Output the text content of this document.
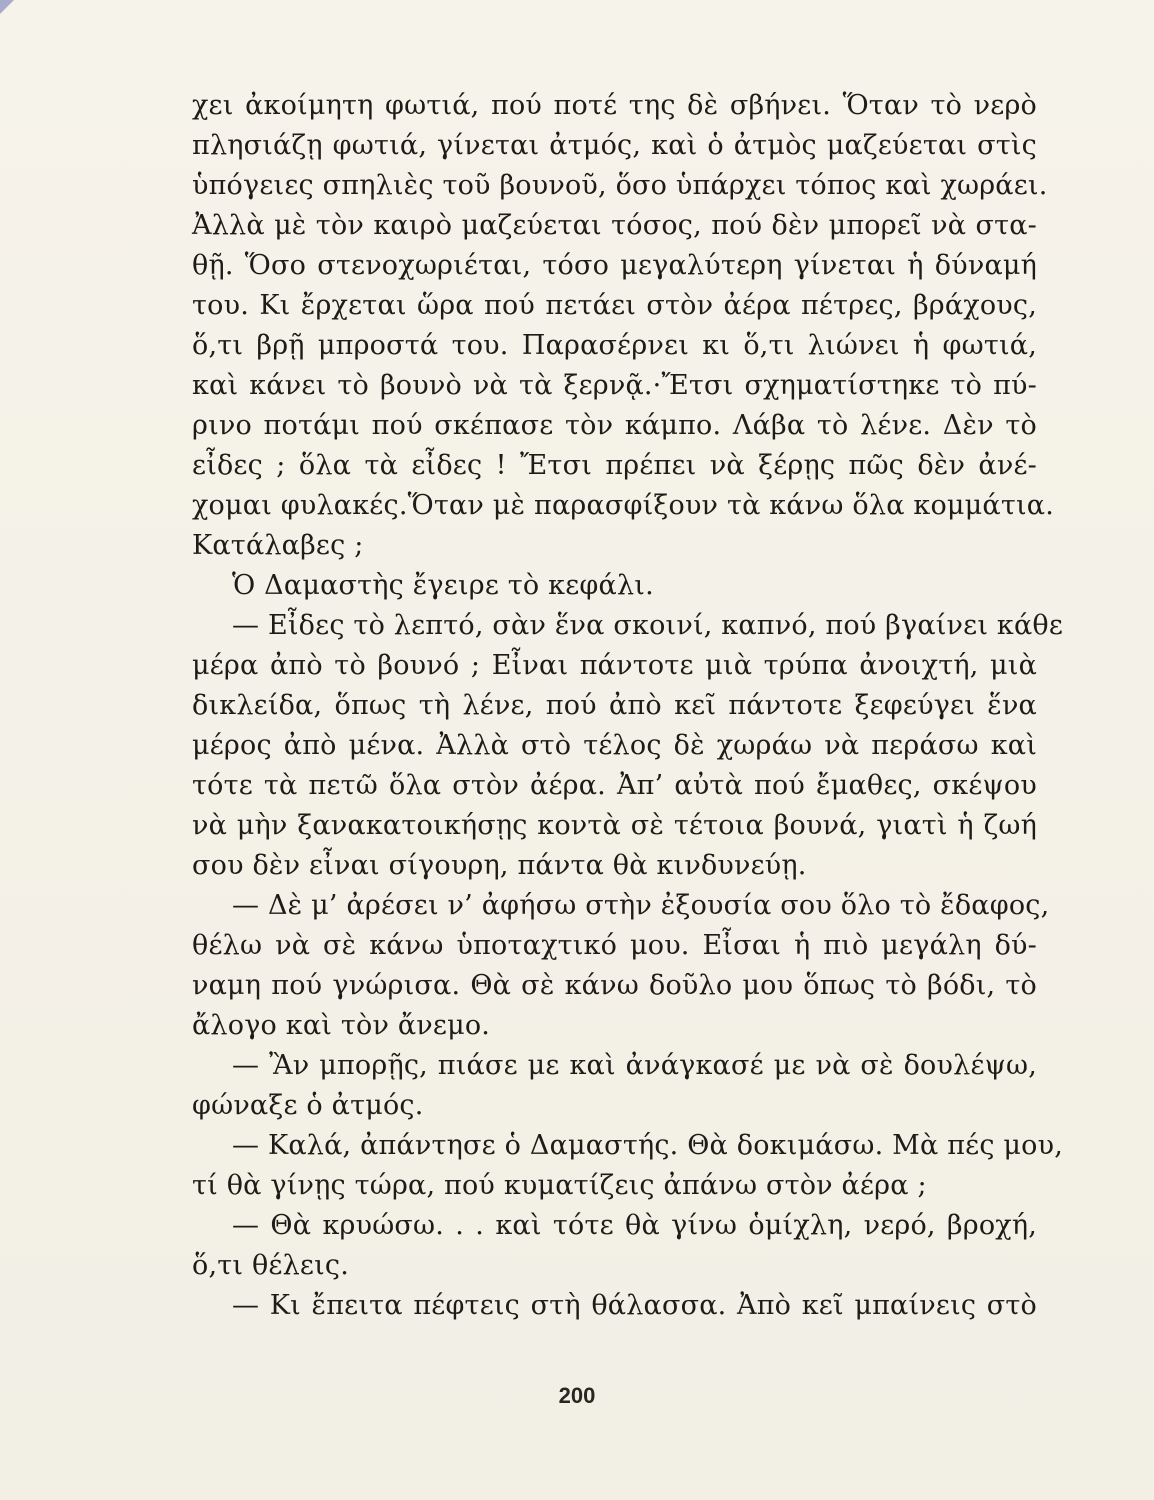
χει ἀκοίμητη φωτιά, πού ποτέ της δὲ σβήνει. Ὅταν τὸ νερὸ
πλησιάζῃ φωτιά, γίνεται ἀτμός, καὶ ὁ ἀτμὸς μαζεύεται στὶς
ὑπόγειες σπηλιὲς τοῦ βουνοῦ, ὅσο ὑπάρχει τόπος καὶ χωράει.
Ἀλλὰ μὲ τὸν καιρὸ μαζεύεται τόσος, πού δὲν μπορεῖ νὰ στα-
θῇ. Ὅσο στενοχωριέται, τόσο μεγαλύτερη γίνεται ἡ δύναμή
του. Κι ἔρχεται ὥρα πού πετάει στὸν ἀέρα πέτρες, βράχους,
ὅ,τι βρῇ μπροστά του. Παρασέρνει κι ὅ,τι λιώνει ἡ φωτιά,
καὶ κάνει τὸ βουνὸ νὰ τὰ ξερνᾷ.·Ἔτσι σχηματίστηκε τὸ πύ-
ρινο ποτάμι πού σκέπασε τὸν κάμπο. Λάβα τὸ λένε. Δὲν τὸ
εἶδες ; ὅλα τὰ εἶδες ! Ἔτσι πρέπει νὰ ξέρῃς πῶς δὲν ἀνέ-
χομαι φυλακές.Ὅταν μὲ παρασφίξουν τὰ κάνω ὅλα κομμάτια.
Κατάλαβες ;
Ὁ Δαμαστὴς ἔγειρε τὸ κεφάλι.
— Εἶδες τὸ λεπτό, σὰν ἕνα σκοινί, καπνό, πού βγαίνει κάθε
μέρα ἀπὸ τὸ βουνό ; Εἶναι πάντοτε μιὰ τρύπα ἀνοιχτή, μιὰ
δικλείδα, ὅπως τὴ λένε, πού ἀπὸ κεῖ πάντοτε ξεφεύγει ἕνα
μέρος ἀπὸ μένα. Ἀλλὰ στὸ τέλος δὲ χωράω νὰ περάσω καὶ
τότε τὰ πετῶ ὅλα στὸν ἀέρα. Ἀπ’ αὐτὰ πού ἔμαθες, σκέψου
νὰ μὴν ξανακατοικήσῃς κοντὰ σὲ τέτοια βουνά, γιατὶ ἡ ζωή
σου δὲν εἶναι σίγουρη, πάντα θὰ κινδυνεύῃ.
— Δὲ μ’ ἀρέσει ν’ ἀφήσω στὴν ἐξουσία σου ὅλο τὸ ἔδαφος,
θέλω νὰ σὲ κάνω ὑποταχτικό μου. Εἶσαι ἡ πιὸ μεγάλη δύ-
ναμη πού γνώρισα. Θὰ σὲ κάνω δοῦλο μου ὅπως τὸ βόδι, τὸ
ἄλογο καὶ τὸν ἄνεμο.
— Ἂν μπορῇς, πιάσε με καὶ ἀνάγκασέ με νὰ σὲ δουλέψω,
φώναξε ὁ ἀτμός.
— Καλά, ἀπάντησε ὁ Δαμαστής. Θὰ δοκιμάσω. Μὰ πές μου,
τί θὰ γίνῃς τώρα, πού κυματίζεις ἀπάνω στὸν ἀέρα ;
— Θὰ κρυώσω. . . καὶ τότε θὰ γίνω ὁμίχλη, νερό, βροχή,
ὅ,τι θέλεις.
— Κι ἔπειτα πέφτεις στὴ θάλασσα. Ἀπὸ κεῖ μπαίνεις στὸ
200
